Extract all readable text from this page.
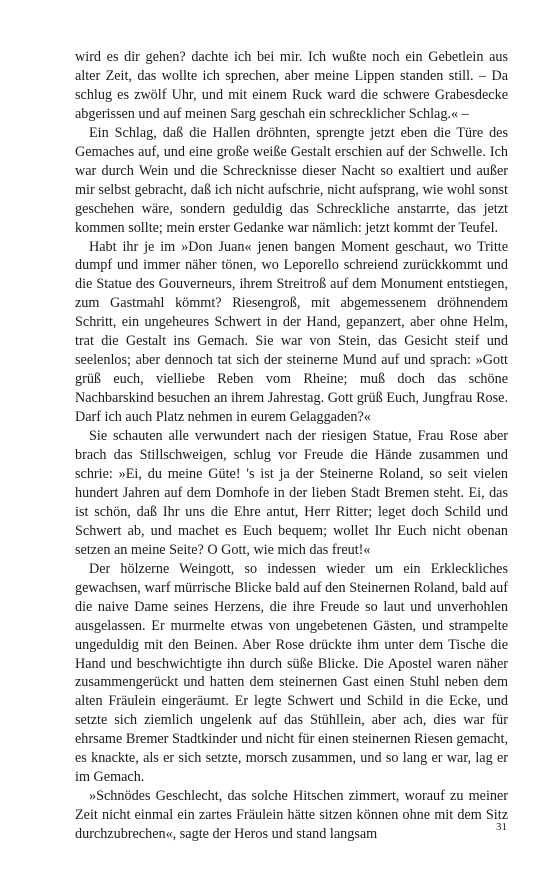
wird es dir gehen? dachte ich bei mir. Ich wußte noch ein Gebetlein aus alter Zeit, das wollte ich sprechen, aber meine Lippen standen still. – Da schlug es zwölf Uhr, und mit einem Ruck ward die schwere Grabesdecke abgerissen und auf meinen Sarg geschah ein schrecklicher Schlag.« –

Ein Schlag, daß die Hallen dröhnten, sprengte jetzt eben die Türe des Gemaches auf, und eine große weiße Gestalt erschien auf der Schwelle. Ich war durch Wein und die Schrecknisse dieser Nacht so exaltiert und außer mir selbst gebracht, daß ich nicht aufschrie, nicht aufsprang, wie wohl sonst geschehen wäre, sondern geduldig das Schreckliche anstarrte, das jetzt kommen sollte; mein erster Gedanke war nämlich: jetzt kommt der Teufel.

Habt ihr je im »Don Juan« jenen bangen Moment geschaut, wo Tritte dumpf und immer näher tönen, wo Leporello schreiend zurückkommt und die Statue des Gouverneurs, ihrem Streitroß auf dem Monument entstiegen, zum Gastmahl kömmt? Riesengroß, mit abgemessenem dröhnendem Schritt, ein ungeheures Schwert in der Hand, gepanzert, aber ohne Helm, trat die Gestalt ins Gemach. Sie war von Stein, das Gesicht steif und seelenlos; aber dennoch tat sich der steinerne Mund auf und sprach: »Gott grüß euch, vielliebe Reben vom Rheine; muß doch das schöne Nachbarskind besuchen an ihrem Jahrestag. Gott grüß Euch, Jungfrau Rose. Darf ich auch Platz nehmen in eurem Gelaggaden?«

Sie schauten alle verwundert nach der riesigen Statue, Frau Rose aber brach das Stillschweigen, schlug vor Freude die Hände zusammen und schrie: »Ei, du meine Güte! 's ist ja der Steinerne Roland, so seit vielen hundert Jahren auf dem Domhofe in der lieben Stadt Bremen steht. Ei, das ist schön, daß Ihr uns die Ehre antut, Herr Ritter; leget doch Schild und Schwert ab, und machet es Euch bequem; wollet Ihr Euch nicht obenan setzen an meine Seite? O Gott, wie mich das freut!«

Der hölzerne Weingott, so indessen wieder um ein Erkleckliches gewachsen, warf mürrische Blicke bald auf den Steinernen Roland, bald auf die naive Dame seines Herzens, die ihre Freude so laut und unverhohlen ausgelassen. Er murmelte etwas von ungebetenen Gästen, und strampelte ungeduldig mit den Beinen. Aber Rose drückte ihm unter dem Tische die Hand und beschwichtigte ihn durch süße Blicke. Die Apostel waren näher zusammengerückt und hatten dem steinernen Gast einen Stuhl neben dem alten Fräulein eingeräumt. Er legte Schwert und Schild in die Ecke, und setzte sich ziemlich ungelenk auf das Stühllein, aber ach, dies war für ehrsame Bremer Stadtkinder und nicht für einen steinernen Riesen gemacht, es knackte, als er sich setzte, morsch zusammen, und so lang er war, lag er im Gemach.

»Schnödes Geschlecht, das solche Hitschen zimmert, worauf zu meiner Zeit nicht einmal ein zartes Fräulein hätte sitzen können ohne mit dem Sitz durchzubrechen«, sagte der Heros und stand langsam	31
